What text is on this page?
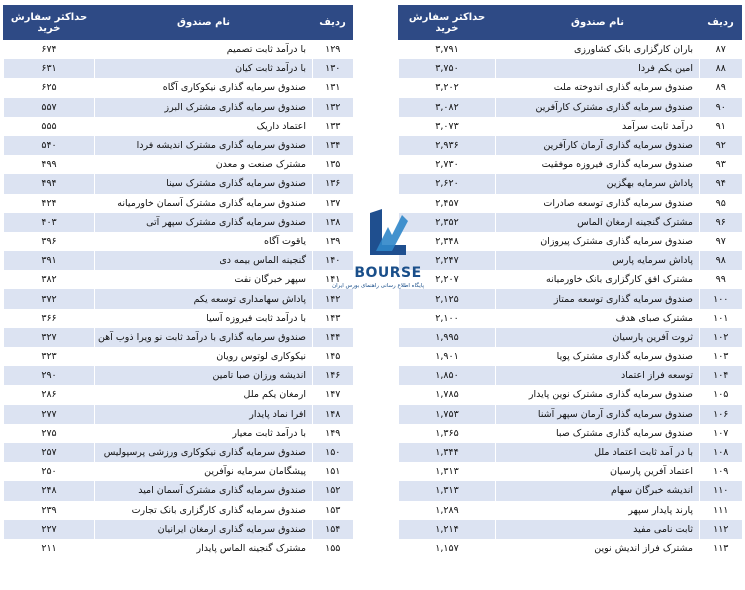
ردیف	نام صندوق	حداکثر سفارش خرید
۸۷	باران کارگزاری بانک کشاورزی	۳,۷۹۱
۸۸	امین یکم فردا	۳,۷۵۰
۸۹	صندوق سرمایه گذاری اندوخته ملت	۳,۲۰۲
۹۰	صندوق سرمایه گذاری مشترک کارآفرین	۳,۰۸۲
۹۱	درآمد ثابت سرآمد	۳,۰۷۳
۹۲	صندوق سرمایه گذاری آرمان کارآفرین	۲,۹۳۶
۹۳	صندوق سرمایه گذاری فیروزه موفقیت	۲,۷۳۰
۹۴	پاداش سرمایه بهگزین	۲,۶۲۰
۹۵	صندوق سرمایه گذاری توسعه صادرات	۲,۴۵۷
۹۶	مشترک گنجینه ارمغان الماس	۲,۳۵۲
۹۷	صندوق سرمایه گذاری مشترک پیروزان	۲,۳۴۸
۹۸	پاداش سرمایه پارس	۲,۲۴۷
۹۹	مشترک افق کارگزاری بانک خاورمیانه	۲,۲۰۷
۱۰۰	صندوق سرمایه گذاری توسعه ممتاز	۲,۱۲۵
۱۰۱	مشترک صبای هدف	۲,۱۰۰
۱۰۲	ثروت آفرین پارسیان	۱,۹۹۵
۱۰۳	صندوق سرمایه گذاری مشترک پویا	۱,۹۰۱
۱۰۴	توسعه فراز اعتماد	۱,۸۵۰
۱۰۵	صندوق سرمایه گذاری مشترک نوین پایدار	۱,۷۸۵
۱۰۶	صندوق سرمایه گذاری آرمان سپهر آشنا	۱,۷۵۳
۱۰۷	صندوق سرمایه گذاری مشترک صبا	۱,۳۶۵
۱۰۸	با در آمد ثابت اعتماد ملل	۱,۳۴۴
۱۰۹	اعتماد آفرین پارسیان	۱,۳۱۳
۱۱۰	اندیشه خبرگان سهام	۱,۳۱۳
۱۱۱	پارند پایدار سپهر	۱,۲۸۹
۱۱۲	ثابت نامی مفید	۱,۲۱۴
۱۱۳	مشترک فراز اندیش نوین	۱,۱۵۷
ردیف	نام صندوق	حداکثر سفارش خرید
۱۲۹	با درآمد ثابت تصمیم	۶۷۴
۱۳۰	با درآمد ثابت کیان	۶۳۱
۱۳۱	صندوق سرمایه گذاری نیکوکاری آگاه	۶۲۵
۱۳۲	صندوق سرمایه گذاری مشترک البرز	۵۵۷
۱۳۳	اعتماد داریک	۵۵۵
۱۳۴	صندوق سرمایه گذاری مشترک اندیشه فردا	۵۴۰
۱۳۵	مشترک صنعت و معدن	۴۹۹
۱۳۶	صندوق سرمایه گذاری مشترک سینا	۴۹۴
۱۳۷	صندوق سرمایه گذاری مشترک آسمان خاورمیانه	۴۲۴
۱۳۸	صندوق سرمایه گذاری مشترک سپهر آتی	۴۰۳
۱۳۹	یاقوت آگاه	۳۹۶
۱۴۰	گنجینه الماس بیمه دی	۳۹۱
۱۴۱	سپهر خبرگان نفت	۳۸۲
۱۴۲	پاداش سهامداری توسعه یکم	۳۷۲
۱۴۳	با درآمد ثابت فیروزه آسیا	۳۶۶
۱۴۴	صندوق سرمایه گذاری با درآمد ثابت نو ویرا ذوب آهن	۳۲۷
۱۴۵	نیکوکاری لوتوس رویان	۳۲۳
۱۴۶	اندیشه ورزان صبا تامین	۲۹۰
۱۴۷	ارمغان یکم ملل	۲۸۶
۱۴۸	افرا نماد پایدار	۲۷۷
۱۴۹	با درآمد ثابت معیار	۲۷۵
۱۵۰	صندوق سرمایه گذاری نیکوکاری ورزشی پرسپولیس	۲۵۷
۱۵۱	پیشگامان سرمایه نوآفرین	۲۵۰
۱۵۲	صندوق سرمایه گذاری مشترک آسمان امید	۲۴۸
۱۵۳	صندوق سرمایه گذاری کارگزاری بانک تجارت	۲۳۹
۱۵۴	صندوق سرمایه گذاری ارمغان ایرانیان	۲۲۷
۱۵۵	مشترک گنجینه الماس پایدار	۲۱۱
BOURSE
پایگاه اطلاع رسانی راهنمای بورس ایران
